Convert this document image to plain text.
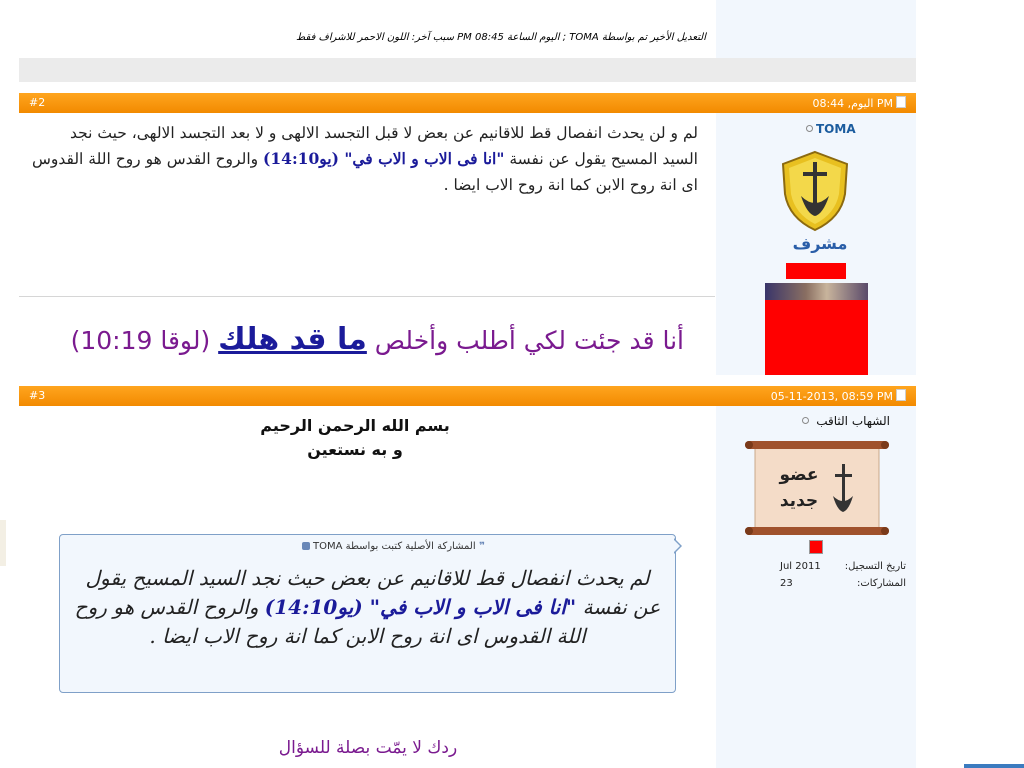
التعديل الأخير تم بواسطة TOMA ; اليوم الساعة 08:45 PM سبب آخر: اللون الاحمر للاشراف فقط
#2	اليوم, 08:44 PM
لم و لن يحدث انفصال قط للاقانيم عن بعض لا قبل التجسد الالهى و لا بعد التجسد الالهى، حيث نجد السيد المسيح يقول عن نفسة "انا فى الاب و الاب في" (يو14:10) والروح القدس هو روح اللة القدوس اى انة روح الابن كما انة روح الاب ايضا .
أنا قد جئت لكي أطلب وأخلص ما قد هلك (لوقا 10:19)
TOMA
مشرف
#3	05-11-2013, 08:59 PM
بسم الله الرحمن الرحيم
و به نستعين
❞ المشاركة الأصلية كتبت بواسطة TOMA
لم يحدث انفصال قط للاقانيم عن بعض حيث نجد السيد المسيح يقول عن نفسة "انا فى الاب و الاب في" (يو14:10) والروح القدس هو روح اللة القدوس اى انة روح الابن كما انة روح الاب ايضا .
ردك لا يمّت بصلة للسؤال
الشهاب الثاقب
عضو
جديد
تاريخ التسجيل:Jul 2011
المشاركات:23
